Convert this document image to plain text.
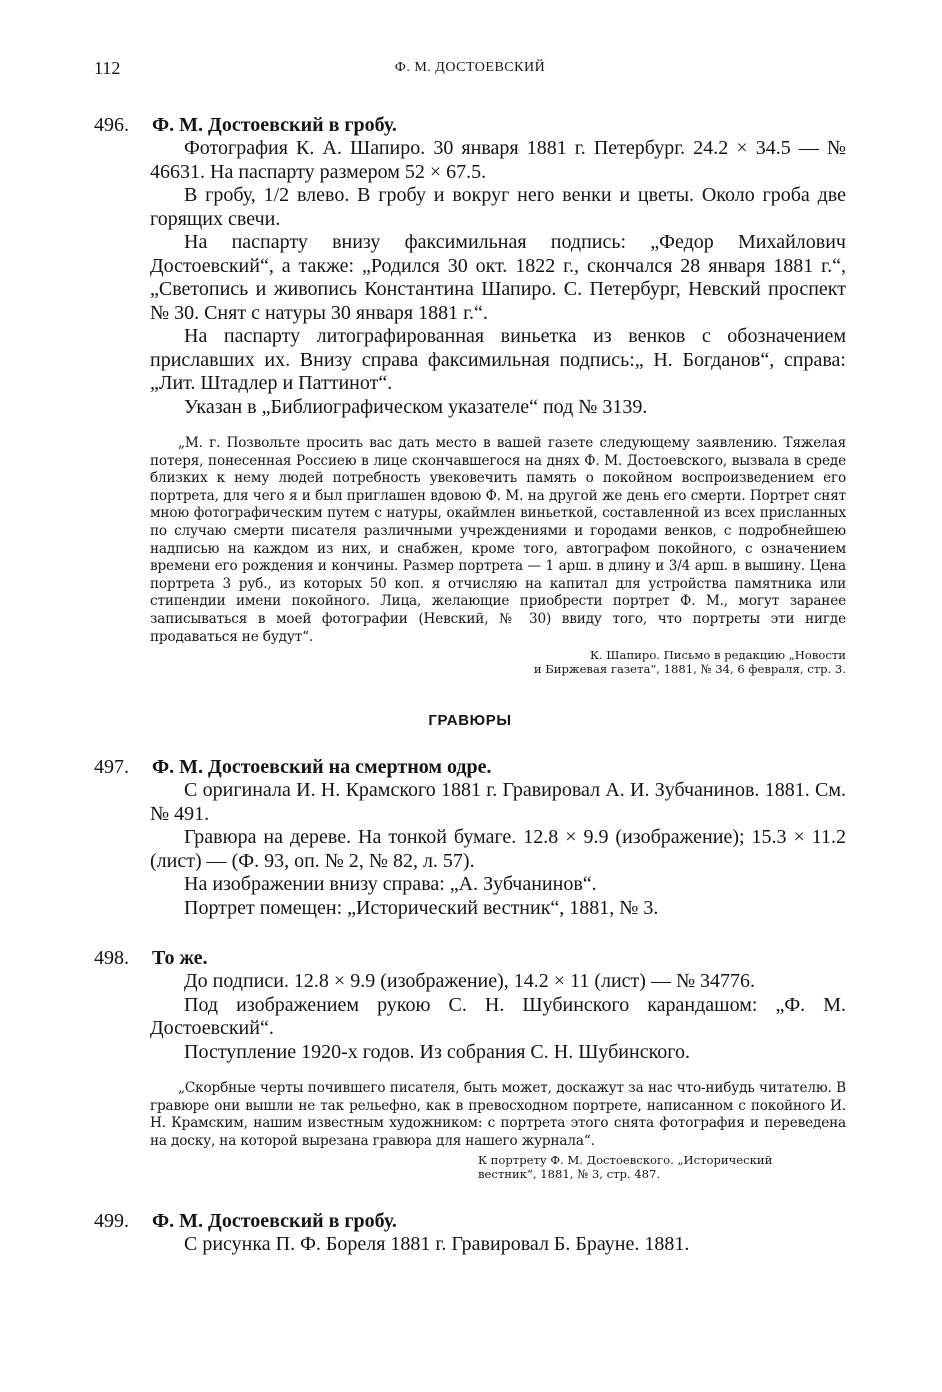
112	Ф. М. ДОСТОЕВСКИЙ
496.	Ф. М. Достоевский в гробу.

Фотография К. А. Шапиро. 30 января 1881 г. Петербург. 24.2 × 34.5 — № 46631. На паспарту размером 52 × 67.5.

В гробу, 1/2 влево. В гробу и вокруг него венки и цветы. Около гроба две горящих свечи.

На паспарту внизу факсимильная подпись: „Федор Михайлович Достоевский“, а также: „Родился 30 окт. 1822 г., скончался 28 января 1881 г.“, „Светопись и живопись Константина Шапиро. С. Петербург, Невский проспект № 30. Снят с натуры 30 января 1881 г.“.

На паспарту литографированная виньетка из венков с обозначением приславших их. Внизу справа факсимильная подпись:„ Н. Богданов“, справа: „Лит. Штадлер и Паттинот“.

Указан в „Библиографическом указателе“ под № 3139.

„М. г. Позвольте просить вас дать место в вашей газете следующему заявлению. Тяжелая потеря, понесенная Россиею в лице скончавшегося на днях Ф. М. Достоевского, вызвала в среде близких к нему людей потребность увековечить память о покойном воспроизведением его портрета, для чего я и был приглашен вдовою Ф. М. на другой же день его смерти. Портрет снят мною фотографическим путем с натуры, окаймлен виньеткой, составленной из всех присланных по случаю смерти писателя различными учреждениями и городами венков, с подробнейшею надписью на каждом из них, и снабжен, кроме того, автографом покойного, с означением времени его рождения и кончины. Размер портрета — 1 арш. в длину и 3/4 арш. в вышину. Цена портрета 3 руб., из которых 50 коп. я отчисляю на капитал для устройства памятника или стипендии имени покойного. Лица, желающие приобрести портрет Ф. М., могут заранее записываться в моей фотографии (Невский, № 30) ввиду того, что портреты эти нигде продаваться не будут“.

К. Шапиро. Письмо в редакцию „Новости
и Биржевая газета“, 1881, № 34, 6 февраля, стр. 3.
ГРАВЮРЫ
497.	Ф. М. Достоевский на смертном одре.

С оригинала И. Н. Крамского 1881 г. Гравировал А. И. Зубчанинов. 1881. См. № 491.

Гравюра на дереве. На тонкой бумаге. 12.8 × 9.9 (изображение); 15.3 × 11.2 (лист) — (Ф. 93, оп. № 2, № 82, л. 57).

На изображении внизу справа: „А. Зубчанинов“.

Портрет помещен: „Исторический вестник“, 1881, № 3.

498.	То же.

До подписи. 12.8 × 9.9 (изображение), 14.2 × 11 (лист) — № 34776.

Под изображением рукою С. Н. Шубинского карандашом: „Ф. М. Достоевский“.

Поступление 1920-х годов. Из собрания С. Н. Шубинского.

„Скорбные черты почившего писателя, быть может, доскажут за нас что-нибудь читателю. В гравюре они вышли не так рельефно, как в превосходном портрете, написанном с покойного И. Н. Крамским, нашим известным художником: с портрета этого снята фотография и переведена на доску, на которой вырезана гравюра для нашего журнала“.

К портрету Ф. М. Достоевского. „Исторический
вестник“, 1881, № 3, стр. 487.
499.	Ф. М. Достоевский в гробу.

С рисунка П. Ф. Бореля 1881 г. Гравировал Б. Брауне. 1881.
